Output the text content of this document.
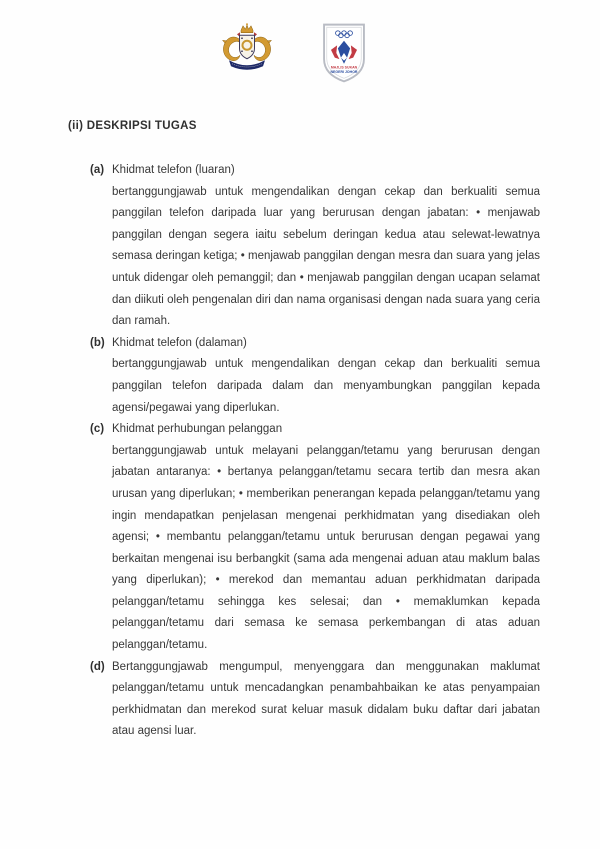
MAJLIS SUKAN
NEGERI JOHOR
(ii) DESKRIPSI TUGAS

(a) Khidmat telefon (luaran)

bertanggungjawab untuk mengendalikan dengan cekap dan berkualiti semua panggilan telefon daripada luar yang berurusan dengan jabatan: • menjawab panggilan dengan segera iaitu sebelum deringan kedua atau selewat-lewatnya semasa deringan ketiga; • menjawab panggilan dengan mesra dan suara yang jelas untuk didengar oleh pemanggil; dan • menjawab panggilan dengan ucapan selamat dan diikuti oleh pengenalan diri dan nama organisasi dengan nada suara yang ceria dan ramah.

(b) Khidmat telefon (dalaman)

bertanggungjawab untuk mengendalikan dengan cekap dan berkualiti semua panggilan telefon daripada dalam dan menyambungkan panggilan kepada agensi/pegawai yang diperlukan.

(c) Khidmat perhubungan pelanggan

bertanggungjawab untuk melayani pelanggan/tetamu yang berurusan dengan jabatan antaranya: • bertanya pelanggan/tetamu secara tertib dan mesra akan urusan yang diperlukan; • memberikan penerangan kepada pelanggan/tetamu yang ingin mendapatkan penjelasan mengenai perkhidmatan yang disediakan oleh agensi; • membantu pelanggan/tetamu untuk berurusan dengan pegawai yang berkaitan mengenai isu berbangkit (sama ada mengenai aduan atau maklum balas yang diperlukan); • merekod dan memantau aduan perkhidmatan daripada pelanggan/tetamu sehingga kes selesai; dan • memaklumkan kepada pelanggan/tetamu dari semasa ke semasa perkembangan di atas aduan pelanggan/tetamu.

(d) Bertanggungjawab mengumpul, menyenggara dan menggunakan maklumat pelanggan/tetamu untuk mencadangkan penambahbaikan ke atas penyampaian perkhidmatan dan merekod surat keluar masuk didalam buku daftar dari jabatan atau agensi luar.
